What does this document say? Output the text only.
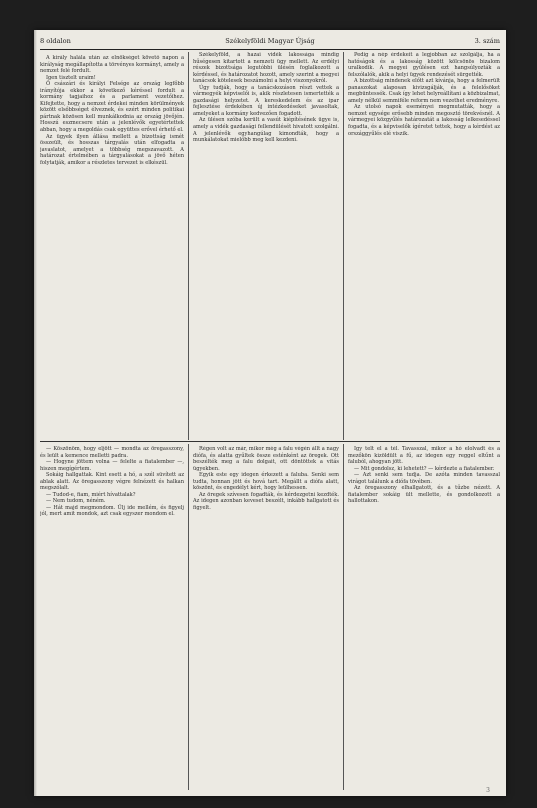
8 oldalon	Székelyföldi Magyar Újság	3. szám

A király halála után az elnökséget követő napon a királyság megállapította a törvényes kormányt, amely a nemzet felé fordult.

Igen tisztelt uraim!

Ő császári és királyi Felsége az ország legfőbb irányítója ekkor a következő kéréssel fordult a kormány tagjaihoz és a parlament vezetőihez. Kifejtette, hogy a nemzet érdekei minden körülmények között elsőbbséget élveznek, és ezért minden politikai pártnak közösen kell munkálkodnia az ország jövőjén. Hosszú eszmecsere után a jelenlévők egyetértettek abban, hogy a megoldás csak együttes erővel érhető el.

Az ügyek ilyen állása mellett a bizottság ismét összeült, és hosszas tárgyalás után elfogadta a javaslatot, amelyet a többség megszavazott. A határozat értelmében a tárgyalásokat a jövő héten folytatják, amikor a részletes tervezet is elkészül.

Székelyföld, a hazai vidék lakossága mindig hűségesen kitartott a nemzeti ügy mellett. Az erdélyi részek bizottsága legutóbbi ülésén foglalkozott a kérdéssel, és határozatot hozott, amely szerint a megyei tanácsok kötelesek beszámolni a helyi viszonyokról.

Úgy tudják, hogy a tanácskozáson részt vettek a vármegyék képviselői is, akik részletesen ismertették a gazdasági helyzetet. A kereskedelem és az ipar fejlesztése érdekében új intézkedéseket javasoltak, amelyeket a kormány kedvezően fogadott.

Az ülésen szóba került a vasút kiépítésének ügye is, amely a vidék gazdasági fellendülését hivatott szolgálni. A jelenlévők egyhangúlag kimondták, hogy a munkálatokat mielőbb meg kell kezdeni.

Pedig a nép érdekeit a legjobban az szolgálja, ha a hatóságok és a lakosság között kölcsönös bizalom uralkodik. A megyei gyűlésen ezt hangsúlyozták a felszólalók, akik a helyi ügyek rendezését sürgették.

A bizottság mindenek előtt azt kívánja, hogy a felmerült panaszokat alaposan kivizsgálják, és a felelősöket megbüntessék. Csak így lehet helyreállítani a közbizalmat, amely nélkül semmiféle reform nem vezethet eredményre.

Az utolsó napok eseményei megmutatták, hogy a nemzet egysége erősebb minden megosztó törekvésnél. A vármegyei közgyűlés határozatát a lakosság lelkesedéssel fogadta, és a képviselők ígéretet tettek, hogy a kérdést az országgyűlés elé viszik.

— Köszönöm, hogy eljött — mondta az öregasszony, és leült a kemence melletti padra.

— Hogyne jöttem volna — felelte a fiatalember —, hiszen megígértem.

Sokáig hallgattak. Kint esett a hó, a szél süvített az ablak alatt. Az öregasszony végre felnézett és halkan megszólalt.

— Tudod-e, fiam, miért hívattalak?

— Nem tudom, néném.

— Hát majd megmondom. Ülj ide mellém, és figyelj jól, mert amit mondok, azt csak egyszer mondom el.

Régen volt az már, mikor még a falu végén állt a nagy diófa, és alatta gyűltek össze esténként az öregek. Ott beszélték meg a falu dolgait, ott döntöttek a vitás ügyekben.

Egyik este egy idegen érkezett a faluba. Senki sem tudta, honnan jött és hová tart. Megállt a diófa alatt, köszönt, és engedélyt kért, hogy leülhessen.

Az öregek szívesen fogadták, és kérdezgetni kezdték. Az idegen azonban keveset beszélt, inkább hallgatott és figyelt.

Így telt el a tél. Tavasszal, mikor a hó elolvadt és a mezőkön kizöldült a fű, az idegen egy reggel eltűnt a faluból, ahogyan jött.

— Mit gondolsz, ki lehetett? — kérdezte a fiatalember.

— Azt senki sem tudja. De azóta minden tavasszal virágot találunk a diófa tövében.

Az öregasszony elhallgatott, és a tűzbe nézett. A fiatalember sokáig ült mellette, és gondolkozott a hallottakon.

3
